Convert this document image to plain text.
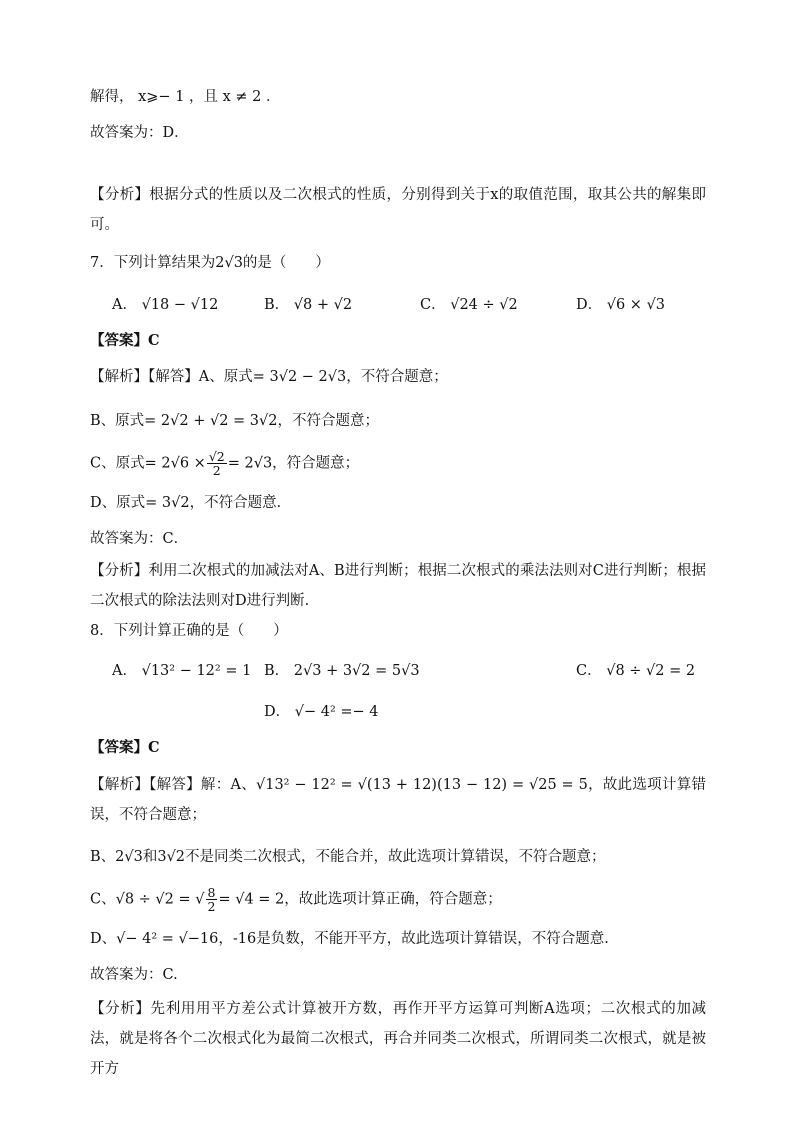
解得， x⩾− 1 ，且 x ≠ 2 ．
故答案为：D．
【分析】根据分式的性质以及二次根式的性质，分别得到关于x的取值范围，取其公共的解集即可。
7．下列计算结果为2√3的是（　　）
A． √18 − √12	B． √8 + √2	C． √24 ÷ √2	D． √6 × √3
【答案】C
【解析】【解答】A、原式= 3√2 − 2√3，不符合题意；
B、原式= 2√2 + √2 = 3√2，不符合题意；
C、原式= $2√6 \times \frac{√2}{2} = 2√3$，符合题意；
D、原式= 3√2，不符合题意．
故答案为：C．
【分析】利用二次根式的加减法对A、B进行判断；根据二次根式的乘法法则对C进行判断；根据二次根式的除法法则对D进行判断.
8．下列计算正确的是（　　）
A． √13² − 12² = 1 B． 2√3 + 3√2 = 5√3	C． √8 ÷ √2 = 2
D． √− 4² =− 4
【答案】C
【解析】【解答】解：A、√13² − 12² = √(13 + 12)(13 − 12) = √25 = 5，故此选项计算错误，不符合题意；
B、2√3和3√2不是同类二次根式，不能合并，故此选项计算错误，不符合题意；
C、√8 ÷ √2 = √ $\frac{8}{2} = √4 = 2$，故此选项计算正确，符合题意；
D、√− 4² = √−16，-16是负数，不能开平方，故此选项计算错误，不符合题意.
故答案为：C.
【分析】先利用用平方差公式计算被开方数，再作开平方运算可判断A选项；二次根式的加减法，就是将各个二次根式化为最简二次根式，再合并同类二次根式，所谓同类二次根式，就是被开方
